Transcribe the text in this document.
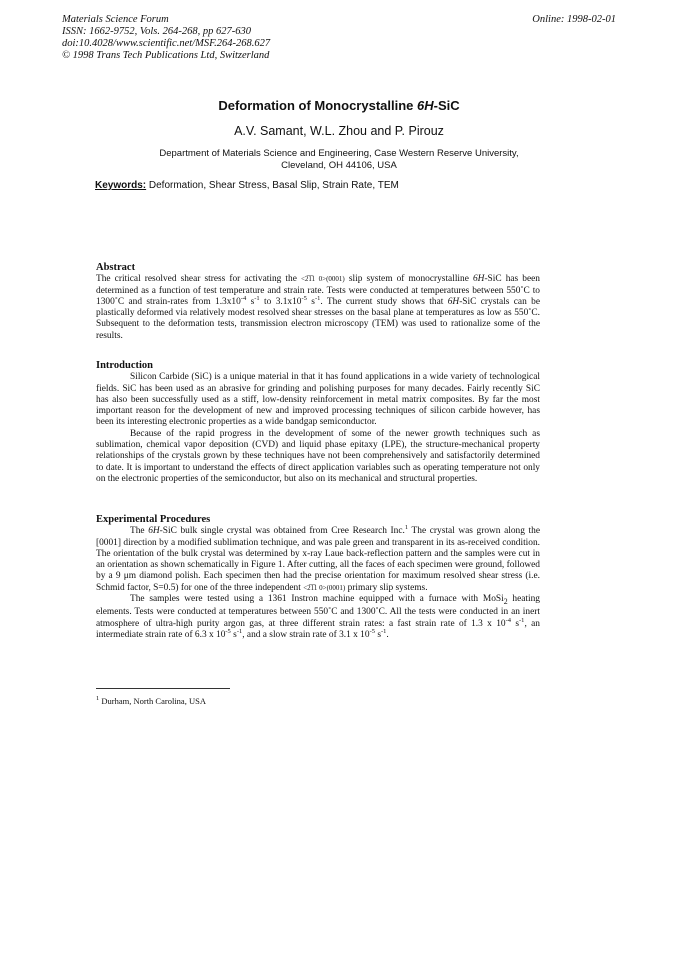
Materials Science Forum
ISSN: 1662-9752, Vols. 264-268, pp 627-630
doi:10.4028/www.scientific.net/MSF.264-268.627
© 1998 Trans Tech Publications Ltd, Switzerland
Online: 1998-02-01
Deformation of Monocrystalline 6H-SiC
A.V. Samant, W.L. Zhou and P. Pirouz
Department of Materials Science and Engineering, Case Western Reserve University,
Cleveland, OH 44106, USA
Keywords: Deformation, Shear Stress, Basal Slip, Strain Rate, TEM
Abstract

The critical resolved shear stress for activating the <2̅1̅1 0>(0001) slip system of monocrystalline 6H-SiC has been determined as a function of test temperature and strain rate. Tests were conducted at temperatures between 550˚C to 1300˚C and strain-rates from $1.3x10^{-4}$ $s^{-1}$ to $3.1x10^{-5}$ $s^{-1}$. The current study shows that 6H-SiC crystals can be plastically deformed via relatively modest resolved shear stresses on the basal plane at temperatures as low as 550˚C. Subsequent to the deformation tests, transmission electron microscopy (TEM) was used to rationalize some of the results.

Introduction

Silicon Carbide (SiC) is a unique material in that it has found applications in a wide variety of technological fields. SiC has been used as an abrasive for grinding and polishing purposes for many decades. Fairly recently SiC has also been successfully used as a stiff, low-density reinforcement in metal matrix composites. By far the most important reason for the development of new and improved processing techniques of silicon carbide however, has been its interesting electronic properties as a wide bandgap semiconductor.

Because of the rapid progress in the development of some of the newer growth techniques such as sublimation, chemical vapor deposition (CVD) and liquid phase epitaxy (LPE), the structure-mechanical property relationships of the crystals grown by these techniques have not been comprehensively and satisfactorily determined to date. It is important to understand the effects of direct application variables such as operating temperature not only on the electronic properties of the semiconductor, but also on its mechanical and structural properties.

Experimental Procedures

The 6H-SiC bulk single crystal was obtained from Cree Research Inc.$^1$ The crystal was grown along the [0001] direction by a modified sublimation technique, and was pale green and transparent in its as-received condition. The orientation of the bulk crystal was determined by x-ray Laue back-reflection pattern and the samples were cut in an orientation as shown schematically in Figure 1. After cutting, all the faces of each specimen were ground, followed by a 9 μm diamond polish. Each specimen then had the precise orientation for maximum resolved shear stress (i.e. Schmid factor, S=0.5) for one of the three independent <2̅1̅1 0>(0001) primary slip systems.

The samples were tested using a 1361 Instron machine equipped with a furnace with MoSi$_2$ heating elements. Tests were conducted at temperatures between 550˚C and 1300˚C. All the tests were conducted in an inert atmosphere of ultra-high purity argon gas, at three different strain rates: a fast strain rate of 1.3 x $10^{-4}$ $s^{-1}$, an intermediate strain rate of 6.3 x $10^{-5}$ $s^{-1}$, and a slow strain rate of 3.1 x $10^{-5}$ $s^{-1}$.

$^1$ Durham, North Carolina, USA
